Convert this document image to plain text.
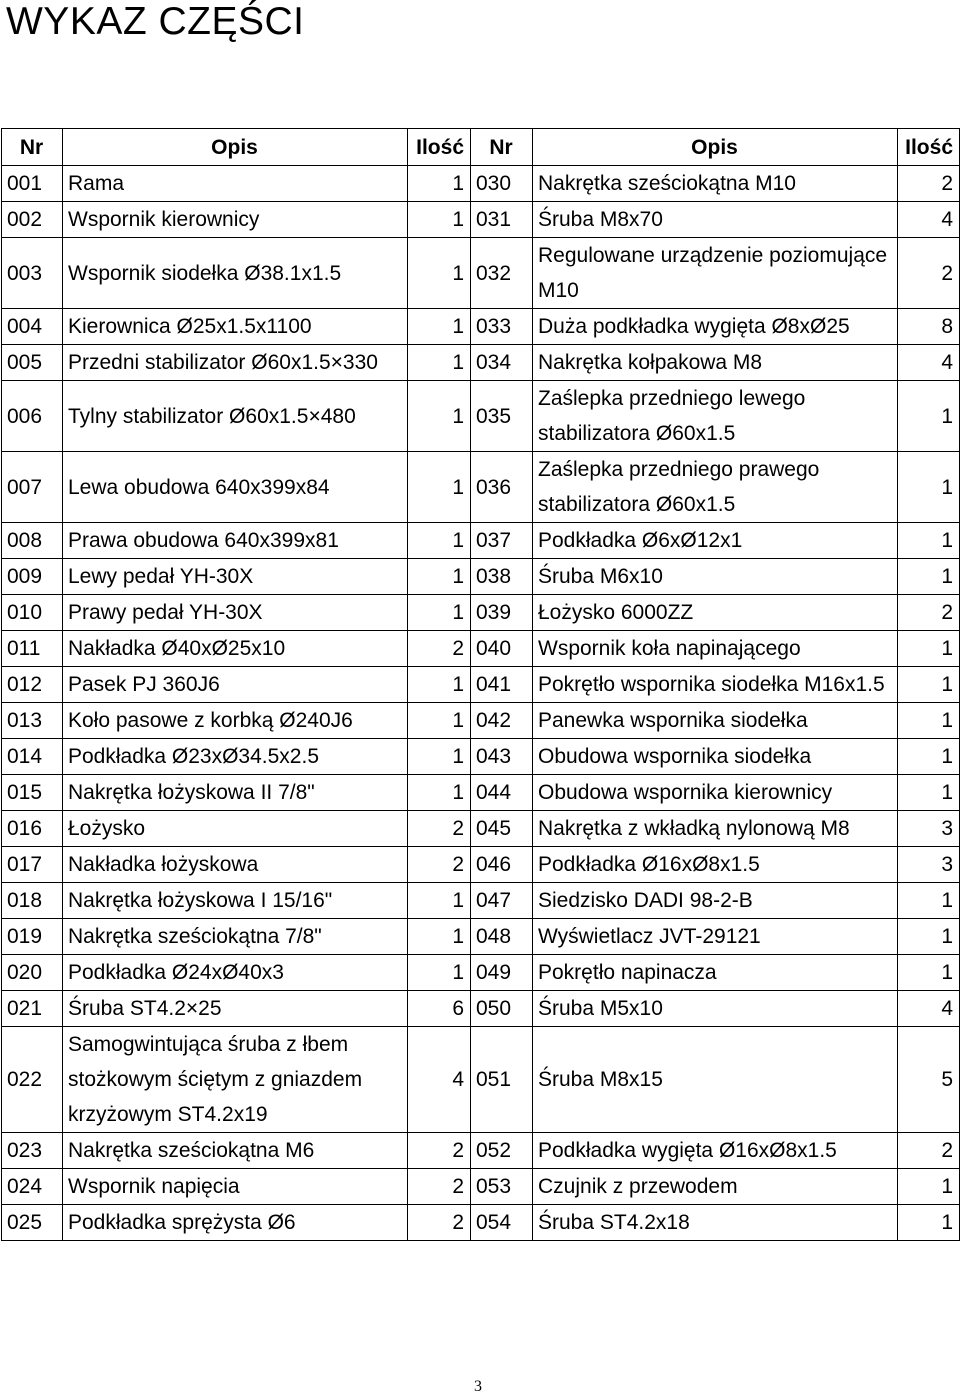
WYKAZ CZĘŚCI
Nr	Opis	Ilość	Nr	Opis	Ilość
001	Rama	1	030	Nakrętka sześciokątna M10	2
002	Wspornik kierownicy	1	031	Śruba M8x70	4
003	Wspornik siodełka Ø38.1x1.5	1	032	Regulowane urządzenie poziomujące M10	2
004	Kierownica Ø25x1.5x1100	1	033	Duża podkładka wygięta Ø8xØ25	8
005	Przedni stabilizator Ø60x1.5×330	1	034	Nakrętka kołpakowa M8	4
006	Tylny stabilizator Ø60x1.5×480	1	035	Zaślepka przedniego lewego stabilizatora Ø60x1.5	1
007	Lewa obudowa 640x399x84	1	036	Zaślepka przedniego prawego stabilizatora Ø60x1.5	1
008	Prawa obudowa 640x399x81	1	037	Podkładka Ø6xØ12x1	1
009	Lewy pedał YH-30X	1	038	Śruba M6x10	1
010	Prawy pedał YH-30X	1	039	Łożysko 6000ZZ	2
011	Nakładka Ø40xØ25x10	2	040	Wspornik koła napinającego	1
012	Pasek PJ 360J6	1	041	Pokrętło wspornika siodełka M16x1.5	1
013	Koło pasowe z korbką Ø240J6	1	042	Panewka wspornika siodełka	1
014	Podkładka Ø23xØ34.5x2.5	1	043	Obudowa wspornika siodełka	1
015	Nakrętka łożyskowa II 7/8"	1	044	Obudowa wspornika kierownicy	1
016	Łożysko	2	045	Nakrętka z wkładką nylonową M8	3
017	Nakładka łożyskowa	2	046	Podkładka Ø16xØ8x1.5	3
018	Nakrętka łożyskowa I 15/16"	1	047	Siedzisko DADI 98-2-B	1
019	Nakrętka sześciokątna 7/8"	1	048	Wyświetlacz JVT-29121	1
020	Podkładka Ø24xØ40x3	1	049	Pokrętło napinacza	1
021	Śruba ST4.2×25	6	050	Śruba M5x10	4
022	Samogwintująca śruba z łbem stożkowym ściętym z gniazdem krzyżowym ST4.2x19	4	051	Śruba M8x15	5
023	Nakrętka sześciokątna M6	2	052	Podkładka wygięta Ø16xØ8x1.5	2
024	Wspornik napięcia	2	053	Czujnik z przewodem	1
025	Podkładka sprężysta Ø6	2	054	Śruba ST4.2x18	1
3
